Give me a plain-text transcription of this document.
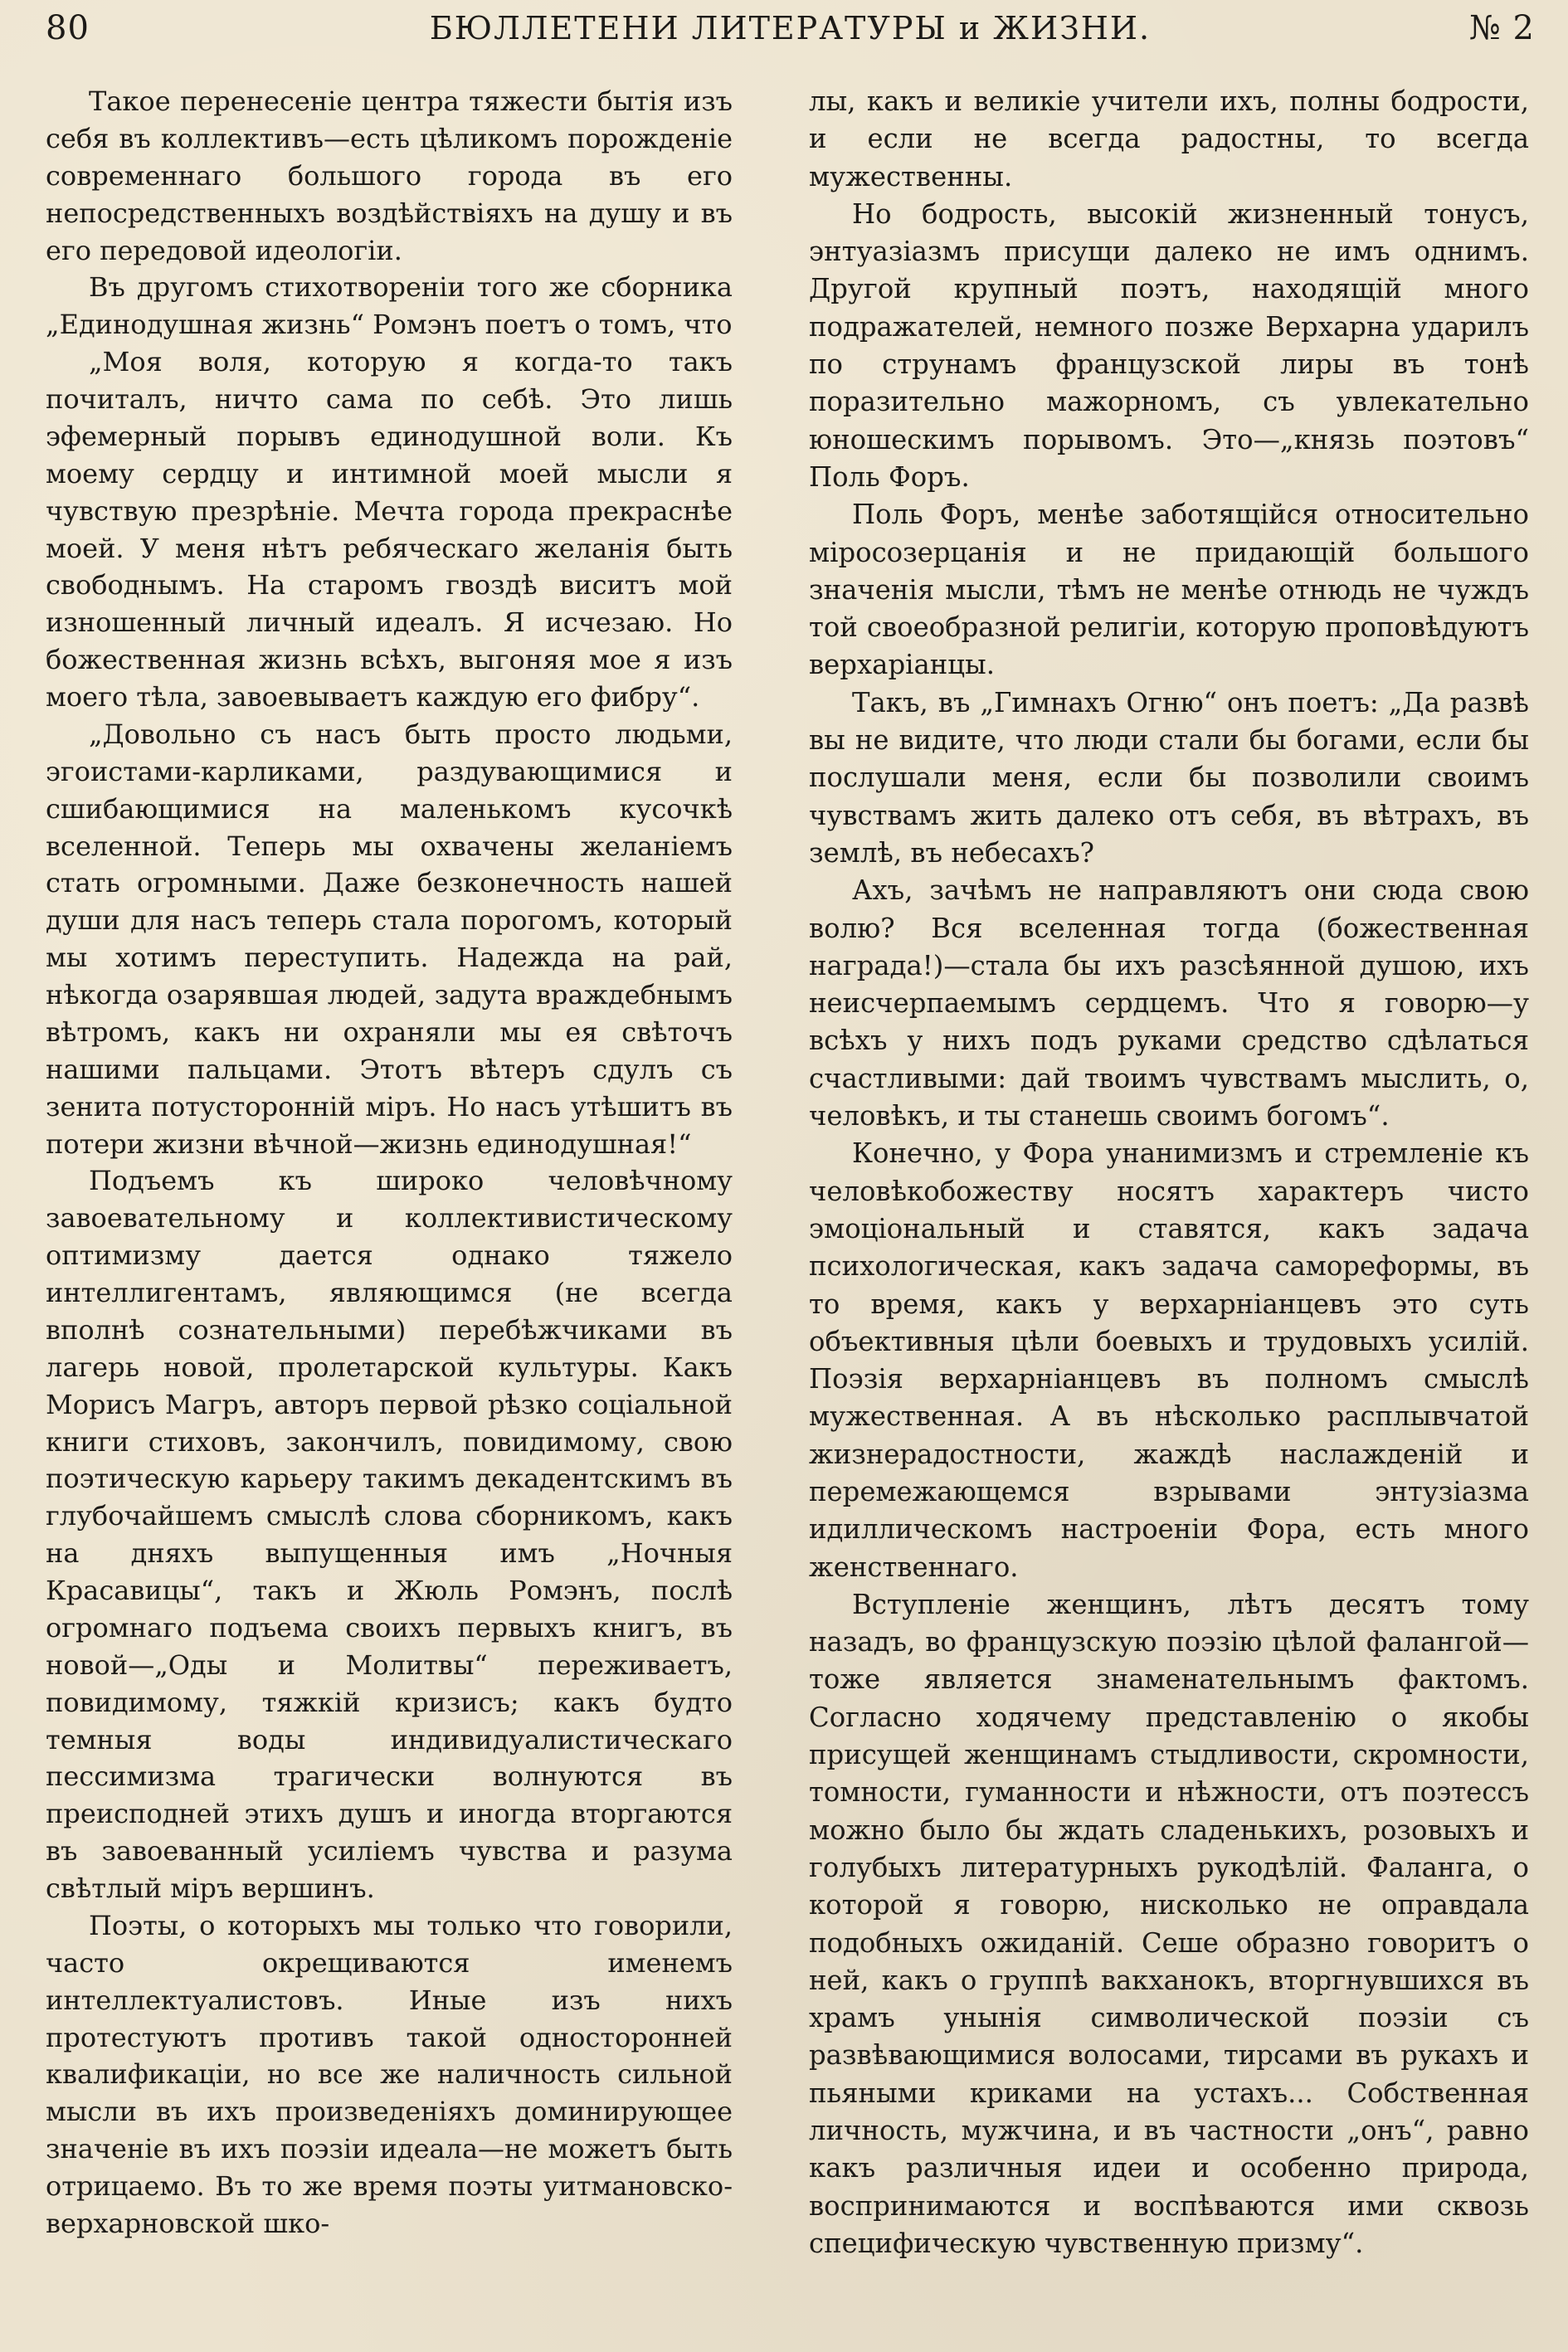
80	БЮЛЛЕТЕНИ ЛИТЕРАТУРЫ и ЖИЗНИ.	№ 2

Такое перенесеніе центра тяжести бытія изъ себя въ коллективъ—есть цѣликомъ порожденіе современнаго большого города въ его непосредственныхъ воздѣйствіяхъ на душу и въ его передовой идеологіи.

Въ другомъ стихотвореніи того же сборника „Единодушная жизнь“ Ромэнъ поетъ о томъ, что

„Моя воля, которую я когда-то такъ почиталъ, ничто сама по себѣ. Это лишь эфемерный порывъ единодушной воли. Къ моему сердцу и интимной моей мысли я чувствую презрѣніе. Мечта города прекраснѣе моей. У меня нѣтъ ребяческаго желанія быть свободнымъ. На старомъ гвоздѣ виситъ мой изношенный личный идеалъ. Я исчезаю. Но божественная жизнь всѣхъ, выгоняя мое я изъ моего тѣла, завоевываетъ каждую его фибру“.

„Довольно съ насъ быть просто людьми, эгоистами-карликами, раздувающимися и сшибающимися на маленькомъ кусочкѣ вселенной. Теперь мы охвачены желаніемъ стать огромными. Даже безконечность нашей души для насъ теперь стала порогомъ, который мы хотимъ переступить. Надежда на рай, нѣкогда озарявшая людей, задута враждебнымъ вѣтромъ, какъ ни охраняли мы ея свѣточъ нашими пальцами. Этотъ вѣтеръ сдулъ съ зенита потусторонній міръ. Но насъ утѣшитъ въ потери жизни вѣчной—жизнь единодушная!“

Подъемъ къ широко человѣчному завоевательному и коллективистическому оптимизму дается однако тяжело интеллигентамъ, являющимся (не всегда вполнѣ сознательными) перебѣжчиками въ лагерь новой, пролетарской культуры. Какъ Морисъ Магръ, авторъ первой рѣзко соціальной книги стиховъ, закончилъ, повидимому, свою поэтическую карьеру такимъ декадентскимъ въ глубочайшемъ смыслѣ слова сборникомъ, какъ на дняхъ выпущенныя имъ „Ночныя Красавицы“, такъ и Жюль Ромэнъ, послѣ огромнаго подъема своихъ первыхъ книгъ, въ новой—„Оды и Молитвы“ переживаетъ, повидимому, тяжкій кризисъ; какъ будто темныя воды индивидуалистическаго пессимизма трагически волнуются въ преисподней этихъ душъ и иногда вторгаются въ завоеванный усиліемъ чувства и разума свѣтлый міръ вершинъ.

Поэты, о которыхъ мы только что говорили, часто окрещиваются именемъ интеллектуалистовъ. Иные изъ нихъ протестуютъ противъ такой односторонней квалификаціи, но все же наличность сильной мысли въ ихъ произведеніяхъ доминирующее значеніе въ ихъ поэзіи идеала—не можетъ быть отрицаемо. Въ то же время поэты уитмановско-верхарновской шко-

лы, какъ и великіе учители ихъ, полны бодрости, и если не всегда радостны, то всегда мужественны.

Но бодрость, высокій жизненный тонусъ, энтуазіазмъ присущи далеко не имъ однимъ. Другой крупный поэтъ, находящій много подражателей, немного позже Верхарна ударилъ по струнамъ французской лиры въ тонѣ поразительно мажорномъ, съ увлекательно юношескимъ порывомъ. Это—„князь поэтовъ“ Поль Форъ.

Поль Форъ, менѣе заботящійся относительно міросозерцанія и не придающій большого значенія мысли, тѣмъ не менѣе отнюдь не чуждъ той своеобразной религіи, которую проповѣдуютъ верхарiанцы.

Такъ, въ „Гимнахъ Огню“ онъ поетъ: „Да развѣ вы не видите, что люди стали бы богами, если бы послушали меня, если бы позволили своимъ чувствамъ жить далеко отъ себя, въ вѣтрахъ, въ землѣ, въ небесахъ?

Ахъ, зачѣмъ не направляютъ они сюда свою волю? Вся вселенная тогда (божественная награда!)—стала бы ихъ разсѣянной душою, ихъ неисчерпаемымъ сердцемъ. Что я говорю—у всѣхъ у нихъ подъ руками средство сдѣлаться счастливыми: дай твоимъ чувствамъ мыслить, о, человѣкъ, и ты станешь своимъ богомъ“.

Конечно, у Фора унанимизмъ и стремленіе къ человѣкобожеству носятъ характеръ чисто эмоціональный и ставятся, какъ задача психологическая, какъ задача самореформы, въ то время, какъ у верхарніанцевъ это суть объективныя цѣли боевыхъ и трудовыхъ усилій. Поэзія верхарніанцевъ въ полномъ смыслѣ мужественная. А въ нѣсколько расплывчатой жизнерадостности, жаждѣ наслажденій и перемежающемся взрывами энтузіазма идиллическомъ настроеніи Фора, есть много женственнаго.

Вступленіе женщинъ, лѣтъ десятъ тому назадъ, во французскую поэзію цѣлой фалангой—тоже является знаменательнымъ фактомъ. Согласно ходячему представленію о якобы присущей женщинамъ стыдливости, скромности, томности, гуманности и нѣжности, отъ поэтессъ можно было бы ждать сладенькихъ, розовыхъ и голубыхъ литературныхъ рукодѣлій. Фаланга, о которой я говорю, нисколько не оправдала подобныхъ ожиданій. Сеше образно говоритъ о ней, какъ о группѣ вакханокъ, вторгнувшихся въ храмъ унынія символической поэзіи съ развѣвающимися волосами, тирсами въ рукахъ и пьяными криками на устахъ... Собственная личность, мужчина, и въ частности „онъ“, равно какъ различныя идеи и особенно природа, воспринимаются и воспѣваются ими сквозь специфическую чувственную призму“.
